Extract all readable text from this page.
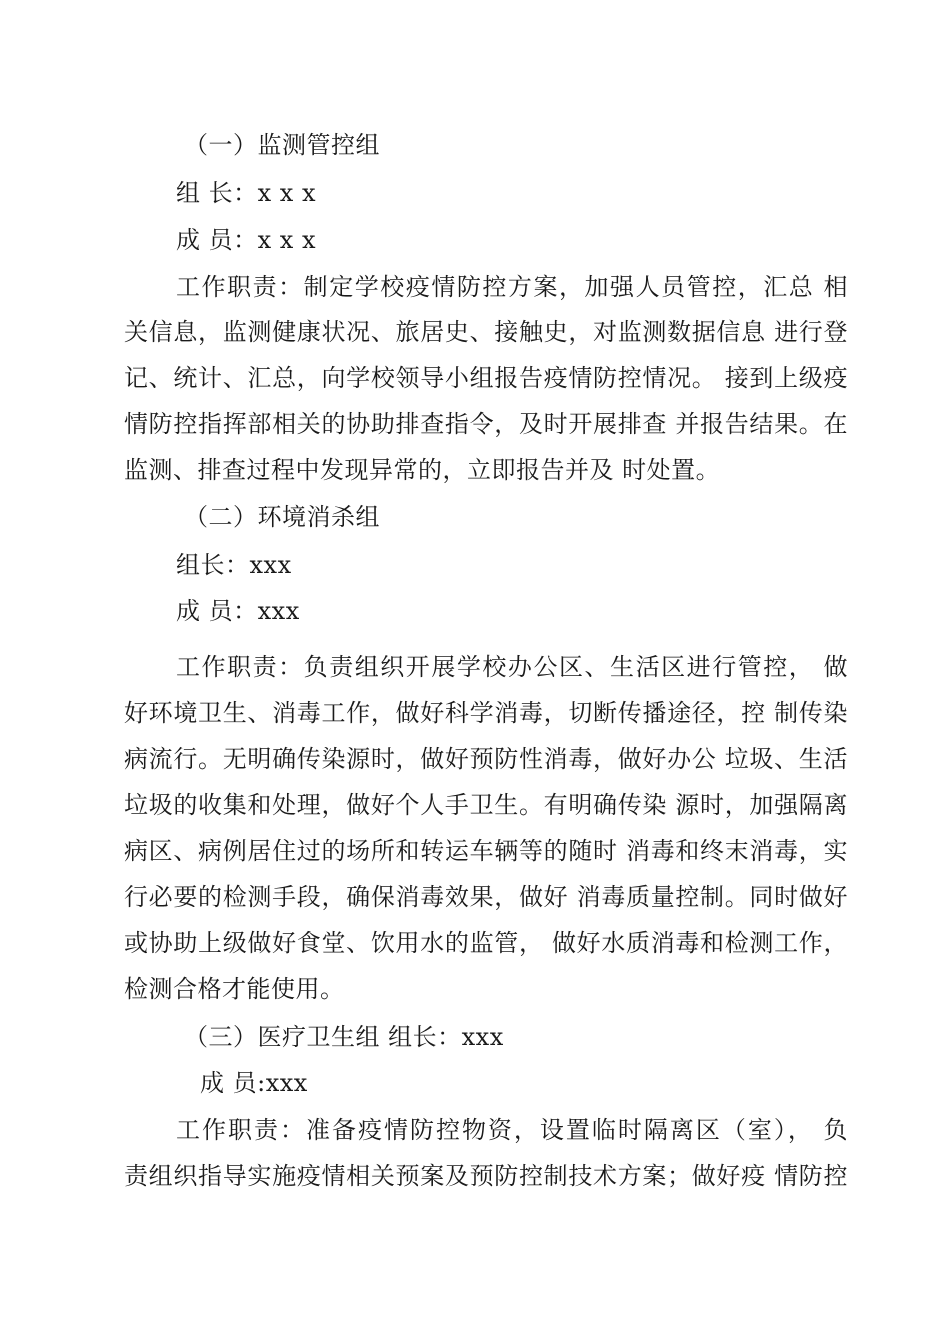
（一）监测管控组
组 长：x x x
成 员：x x x
工作职责：制定学校疫情防控方案，加强人员管控，汇总 相
关信息，监测健康状况、旅居史、接触史，对监测数据信息 进行登
记、统计、汇总，向学校领导小组报告疫情防控情况。 接到上级疫
情防控指挥部相关的协助排查指令，及时开展排查 并报告结果。在
监测、排查过程中发现异常的，立即报告并及 时处置。
（二）环境消杀组
组长：xxx
成 员：xxx
工作职责：负责组织开展学校办公区、生活区进行管控， 做
好环境卫生、消毒工作，做好科学消毒，切断传播途径，控 制传染
病流行。无明确传染源时，做好预防性消毒，做好办公 垃圾、生活
垃圾的收集和处理，做好个人手卫生。有明确传染 源时，加强隔离
病区、病例居住过的场所和转运车辆等的随时 消毒和终末消毒，实
行必要的检测手段，确保消毒效果，做好 消毒质量控制。同时做好
或协助上级做好食堂、饮用水的监管， 做好水质消毒和检测工作，
检测合格才能使用。
（三）医疗卫生组 组长：xxx
成 员:xxx
工作职责：准备疫情防控物资，设置临时隔离区（室）， 负
责组织指导实施疫情相关预案及预防控制技术方案；做好疫 情防控
